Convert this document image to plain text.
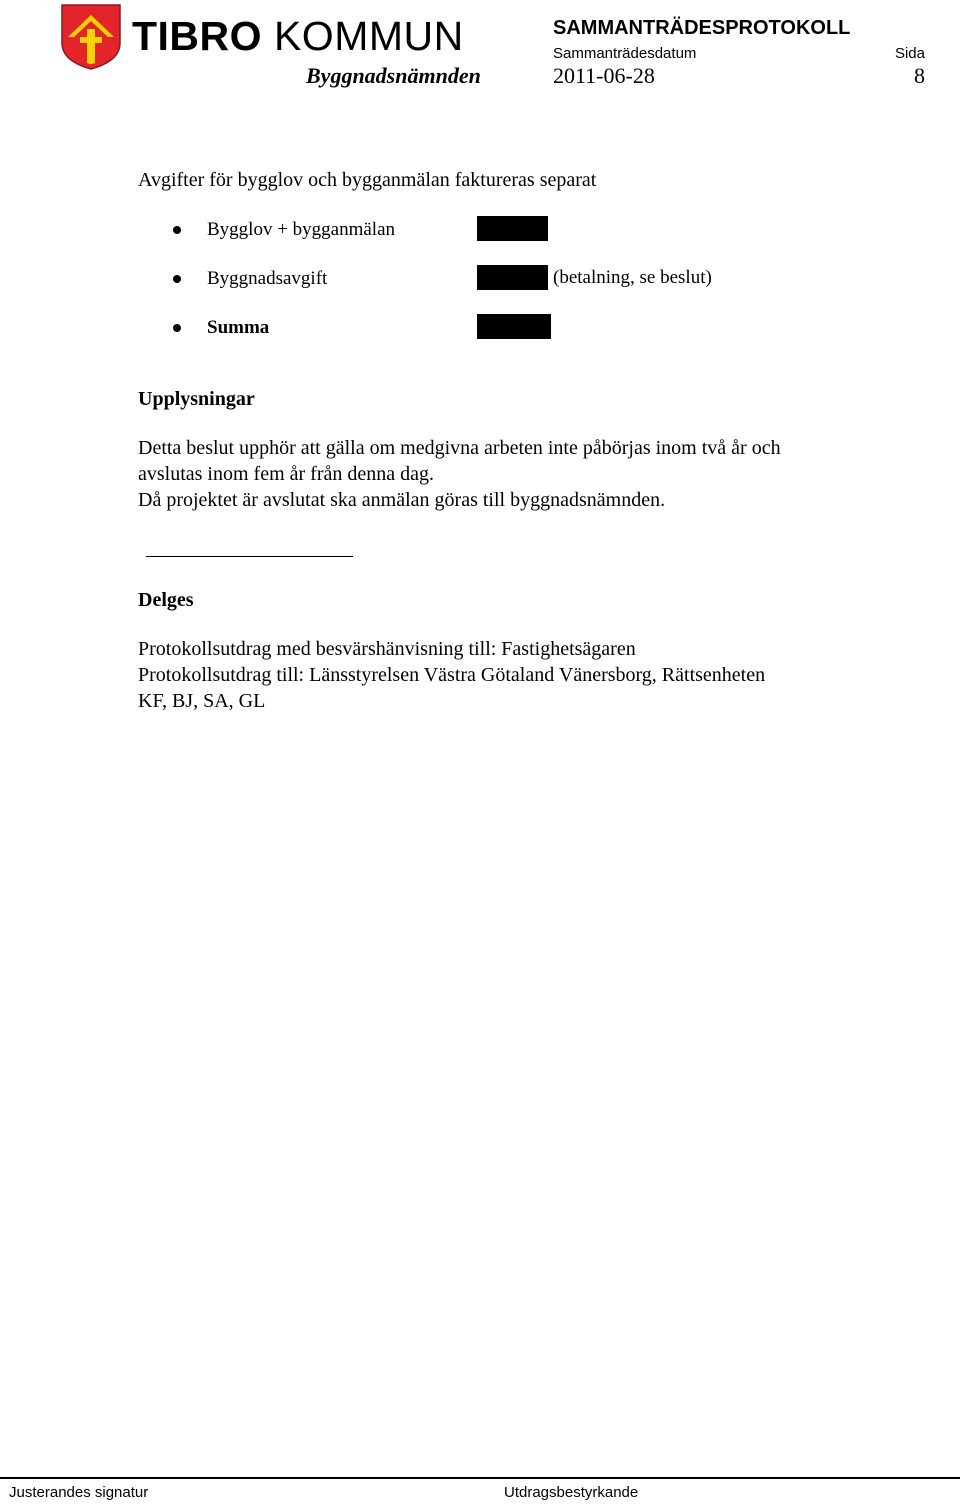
TIBRO KOMMUN
Byggnadsnämnden
SAMMANTRÄDESPROTOKOLL
Sammanträdesdatum	Sida
2011-06-28	8
Avgifter för bygglov och bygganmälan faktureras separat
Bygglov + bygganmälan
Byggnadsavgift	(betalning, se beslut)
Summa
Upplysningar
Detta beslut upphör att gälla om medgivna arbeten inte påbörjas inom två år och
avslutas inom fem år från denna dag.
Då projektet är avslutat ska anmälan göras till byggnadsnämnden.
Delges
Protokollsutdrag med besvärshänvisning till: Fastighetsägaren
Protokollsutdrag till: Länsstyrelsen Västra Götaland Vänersborg, Rättsenheten
KF, BJ, SA, GL
Justerandes signatur	Utdragsbestyrkande
